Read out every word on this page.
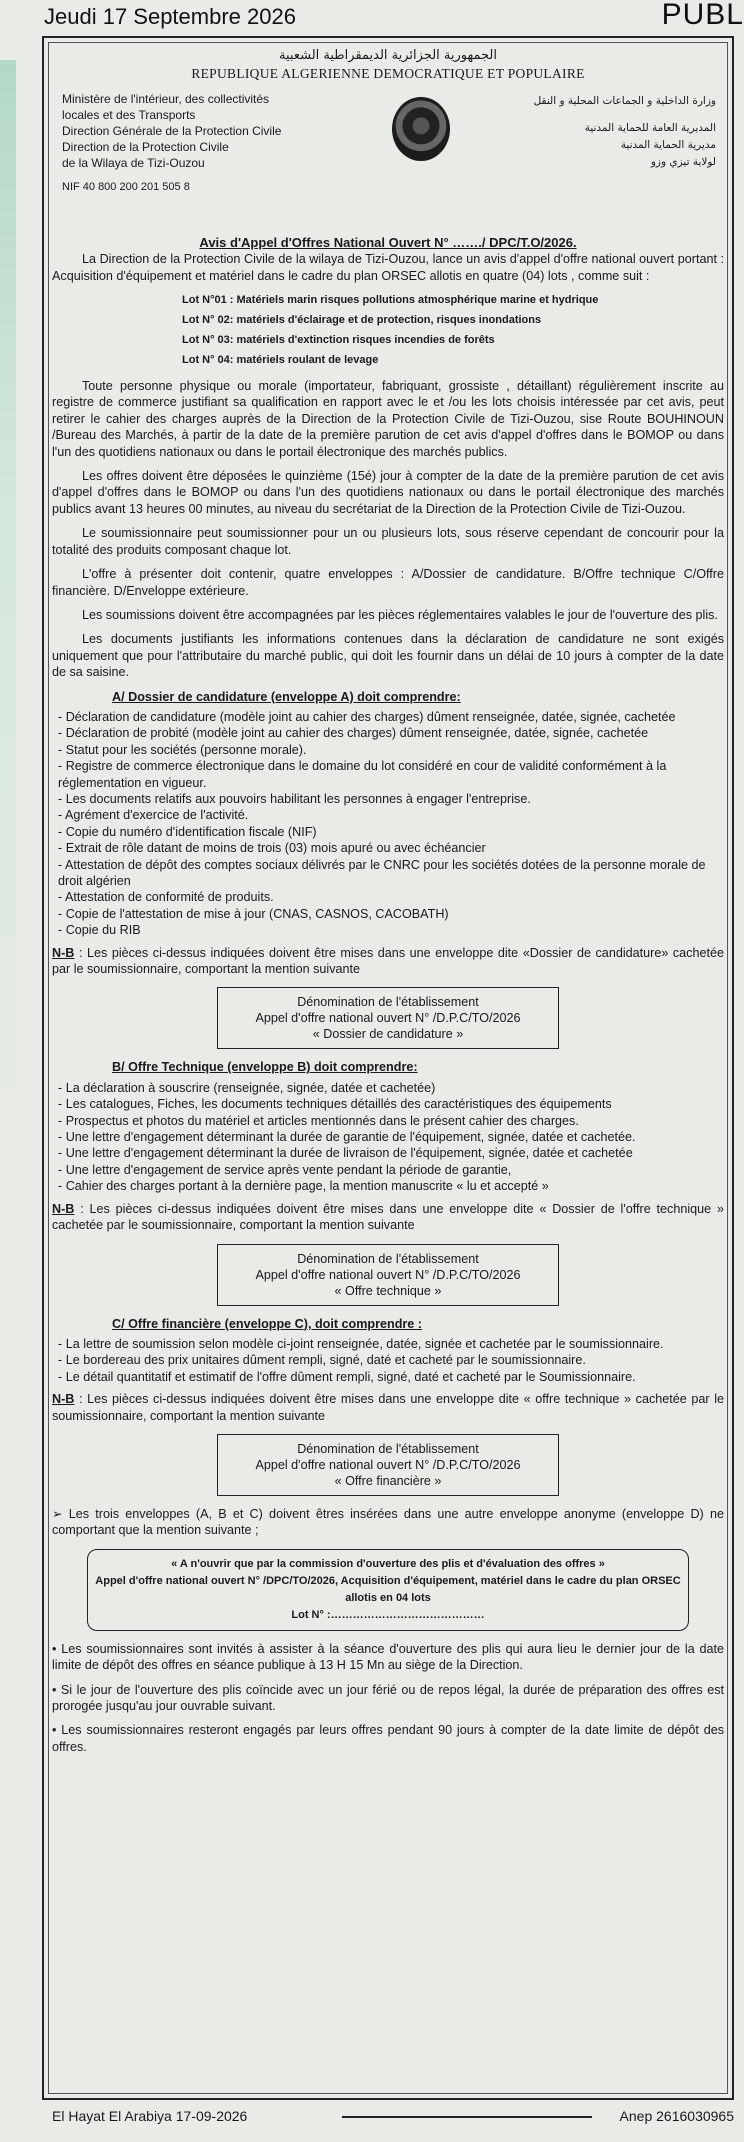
Jeudi 17 Septembre 2026	PUBL
الجمهورية الجزائرية الديمقراطية الشعبية
REPUBLIQUE ALGERIENNE DEMOCRATIQUE ET POPULAIRE
Ministère de l'intérieur, des collectivités
locales et des Transports
Direction Générale de la Protection Civile
Direction de la Protection Civile
de la Wilaya de Tizi-Ouzou
NIF 40 800 200 201 505 8
وزارة الداخلية و الجماعات المحلية و النقل
المديرية العامة للحماية المدنية
مديرية الحماية المدنية
لولاية تيزي وزو
Avis d'Appel d'Offres National Ouvert N° ……./ DPC/T.O/2026.

La Direction de la Protection Civile de la wilaya de Tizi-Ouzou, lance un avis d'appel d'offre national ouvert portant : Acquisition d'équipement et matériel dans le cadre du plan ORSEC allotis en quatre (04) lots , comme suit :

Lot N°01 : Matériels marin risques pollutions atmosphérique marine et hydrique
Lot N° 02: matériels d'éclairage et de protection, risques inondations
Lot N° 03: matériels d'extinction risques incendies de forêts
Lot N° 04: matériels roulant de levage

Toute personne physique ou morale (importateur, fabriquant, grossiste , détaillant) régulièrement inscrite au registre de commerce justifiant sa qualification en rapport avec le et /ou les lots choisis intéressée par cet avis, peut retirer le cahier des charges auprès de la Direction de la Protection Civile de Tizi-Ouzou, sise Route BOUHINOUN /Bureau des Marchés, à partir de la date de la première parution de cet avis d'appel d'offres dans le BOMOP ou dans l'un des quotidiens nationaux ou dans le portail électronique des marchés publics.

Les offres doivent être déposées le quinzième (15é) jour à compter de la date de la première parution de cet avis d'appel d'offres dans le BOMOP ou dans l'un des quotidiens nationaux ou dans le portail électronique des marchés publics avant 13 heures 00 minutes, au niveau du secrétariat de la Direction de la Protection Civile de Tizi-Ouzou.

Le soumissionnaire peut soumissionner pour un ou plusieurs lots, sous réserve cependant de concourir pour la totalité des produits composant chaque lot.

L'offre à présenter doit contenir, quatre enveloppes : A/Dossier de candidature. B/Offre technique C/Offre financière. D/Enveloppe extérieure.

Les soumissions doivent être accompagnées par les pièces réglementaires valables le jour de l'ouverture des plis.

Les documents justifiants les informations contenues dans la déclaration de candidature ne sont exigés uniquement que pour l'attributaire du marché public, qui doit les fournir dans un délai de 10 jours à compter de la date de sa saisine.

A/ Dossier de candidature (enveloppe A) doit comprendre:
- Déclaration de candidature (modèle joint au cahier des charges) dûment renseignée, datée, signée, cachetée
- Déclaration de probité (modèle joint au cahier des charges) dûment renseignée, datée, signée, cachetée
- Statut pour les sociétés (personne morale).
- Registre de commerce électronique dans le domaine du lot considéré en cour de validité conformément à la réglementation en vigueur.
- Les documents relatifs aux pouvoirs habilitant les personnes à engager l'entreprise.
- Agrément d'exercice de l'activité.
- Copie du numéro d'identification fiscale (NIF)
- Extrait de rôle datant de moins de trois (03) mois apuré ou avec échéancier
- Attestation de dépôt des comptes sociaux délivrés par le CNRC pour les sociétés dotées de la personne morale de droit algérien
- Attestation de conformité de produits.
- Copie de l'attestation de mise à jour (CNAS, CASNOS, CACOBATH)
- Copie du RIB

N-B : Les pièces ci-dessus indiquées doivent être mises dans une enveloppe dite «Dossier de candidature» cachetée par le soumissionnaire, comportant la mention suivante

Dénomination de l'établissement
Appel d'offre national ouvert N° /D.P.C/TO/2026
« Dossier de candidature »
B/ Offre Technique (enveloppe B) doit comprendre:
- La déclaration à souscrire (renseignée, signée, datée et cachetée)
- Les catalogues, Fiches, les documents techniques détaillés des caractéristiques des équipements
- Prospectus et photos du matériel et articles mentionnés dans le présent cahier des charges.
- Une lettre d'engagement déterminant la durée de garantie de l'équipement, signée, datée et cachetée.
- Une lettre d'engagement déterminant la durée de livraison de l'équipement, signée, datée et cachetée
- Une lettre d'engagement de service après vente pendant la période de garantie,
- Cahier des charges portant à la dernière page, la mention manuscrite « lu et accepté »

N-B : Les pièces ci-dessus indiquées doivent être mises dans une enveloppe dite « Dossier de l'offre technique » cachetée par le soumissionnaire, comportant la mention suivante

Dénomination de l'établissement
Appel d'offre national ouvert N° /D.P.C/TO/2026
« Offre technique »
C/ Offre financière (enveloppe C), doit comprendre :
- La lettre de soumission selon modèle ci-joint renseignée, datée, signée et cachetée par le soumissionnaire.
- Le bordereau des prix unitaires dûment rempli, signé, daté et cacheté par le soumissionnaire.
- Le détail quantitatif et estimatif de l'offre dûment rempli, signé, daté et cacheté par le Soumissionnaire.

N-B : Les pièces ci-dessus indiquées doivent être mises dans une enveloppe dite « offre technique » cachetée par le soumissionnaire, comportant la mention suivante

Dénomination de l'établissement
Appel d'offre national ouvert N° /D.P.C/TO/2026
« Offre financière »

➢ Les trois enveloppes (A, B et C) doivent êtres insérées dans une autre enveloppe anonyme (enveloppe D) ne comportant que la mention suivante ;

« A n'ouvrir que par la commission d'ouverture des plis et d'évaluation des offres »
Appel d'offre national ouvert N° /DPC/TO/2026, Acquisition d'équipement, matériel dans le cadre du plan ORSEC allotis en 04 lots
Lot N° :……………………………………

• Les soumissionnaires sont invités à assister à la séance d'ouverture des plis qui aura lieu le dernier jour de la date limite de dépôt des offres en séance publique à 13 H 15 Mn au siège de la Direction.

• Si le jour de l'ouverture des plis coïncide avec un jour férié ou de repos légal, la durée de préparation des offres est prorogée jusqu'au jour ouvrable suivant.

• Les soumissionnaires resteront engagés par leurs offres pendant 90 jours à compter de la date limite de dépôt des offres.

El Hayat El Arabiya 17-09-2026	Anep 2616030965
